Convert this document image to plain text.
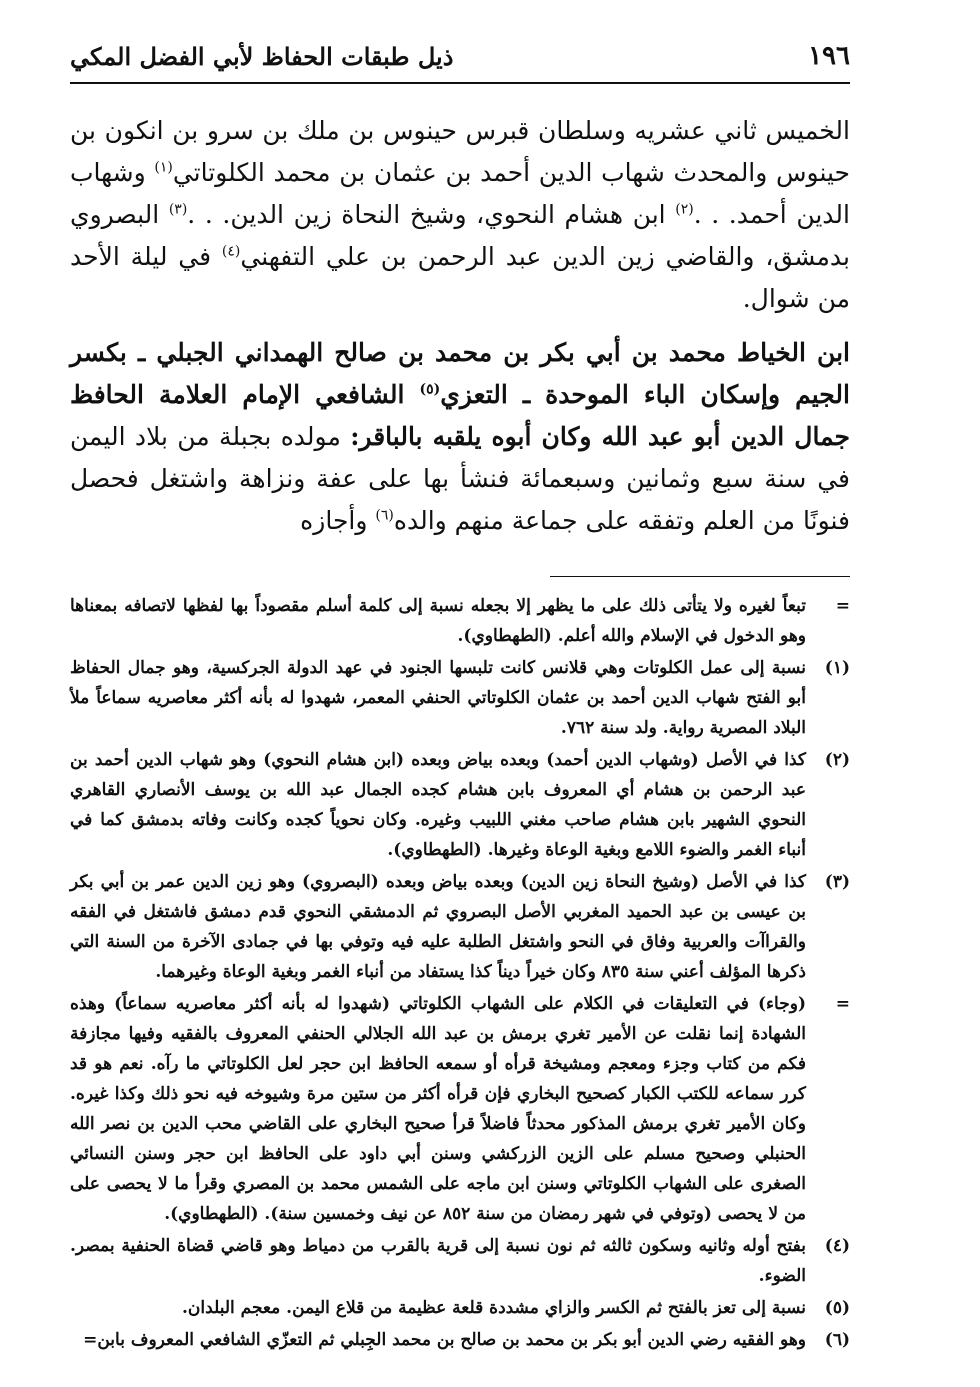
١٩٦
ذيل طبقات الحفاظ لأبي الفضل المكي

الخميس ثاني عشريه وسلطان قبرس حينوس بن ملك بن سرو بن انكون بن حينوس والمحدث شهاب الدين أحمد بن عثمان بن محمد الكلوتاتي$^{(١)}$ وشهاب الدين أحمد. . .$^{(٢)}$ ابن هشام النحوي، وشيخ النحاة زين الدين. . .$^{(٣)}$ البصروي بدمشق، والقاضي زين الدين عبد الرحمن بن علي التفهني$^{(٤)}$ في ليلة الأحد من شوال.

ابن الخياط محمد بن أبي بكر بن محمد بن صالح الهمداني الجبلي ـ بكسر الجيم وإسكان الباء الموحدة ـ التعزي$^{(٥)}$ الشافعي الإمام العلامة الحافظ جمال الدين أبو عبد الله وكان أبوه يلقبه بالباقر: مولده بجبلة من بلاد اليمن في سنة سبع وثمانين وسبعمائة فنشأ بها على عفة ونزاهة واشتغل فحصل فنونًا من العلم وتفقه على جماعة منهم والده$^{(٦)}$ وأجازه

=
تبعاً لغيره ولا يتأتى ذلك على ما يظهر إلا بجعله نسبة إلى كلمة أسلم مقصوداً بها لفظها لاتصافه بمعناها وهو الدخول في الإسلام والله أعلم. (الطهطاوي).
(١)
نسبة إلى عمل الكلوتات وهي قلانس كانت تلبسها الجنود في عهد الدولة الجركسية، وهو جمال الحفاظ أبو الفتح شهاب الدين أحمد بن عثمان الكلوتاتي الحنفي المعمر، شهدوا له بأنه أكثر معاصريه سماعاً ملأ البلاد المصرية رواية. ولد سنة ٧٦٢.
(٢)
كذا في الأصل (وشهاب الدين أحمد) وبعده بياض وبعده (ابن هشام النحوي) وهو شهاب الدين أحمد بن عبد الرحمن بن هشام أي المعروف بابن هشام كجده الجمال عبد الله بن يوسف الأنصاري القاهري النحوي الشهير بابن هشام صاحب مغني اللبيب وغيره. وكان نحوياً كجده وكانت وفاته بدمشق كما في أنباء الغمر والضوء اللامع وبغية الوعاة وغيرها. (الطهطاوي).
(٣)
كذا في الأصل (وشيخ النحاة زين الدين) وبعده بياض وبعده (البصروي) وهو زين الدين عمر بن أبي بكر بن عيسى بن عبد الحميد المغربي الأصل البصروي ثم الدمشقي النحوي قدم دمشق فاشتغل في الفقه والقراآت والعربية وفاق في النحو واشتغل الطلبة عليه فيه وتوفي بها في جمادى الآخرة من السنة التي ذكرها المؤلف أعني سنة ٨٣٥ وكان خيراً ديناً كذا يستفاد من أنباء الغمر وبغية الوعاة وغيرهما.
=
(وجاء) في التعليقات في الكلام على الشهاب الكلوتاتي (شهدوا له بأنه أكثر معاصريه سماعاً) وهذه الشهادة إنما نقلت عن الأمير تغري برمش بن عبد الله الجلالي الحنفي المعروف بالفقيه وفيها مجازفة فكم من كتاب وجزء ومعجم ومشيخة قرأه أو سمعه الحافظ ابن حجر لعل الكلوتاتي ما رآه. نعم هو قد كرر سماعه للكتب الكبار كصحيح البخاري فإن قرأه أكثر من ستين مرة وشيوخه فيه نحو ذلك وكذا غيره. وكان الأمير تغري برمش المذكور محدثاً فاضلاً قرأ صحيح البخاري على القاضي محب الدين بن نصر الله الحنبلي وصحيح مسلم على الزين الزركشي وسنن أبي داود على الحافظ ابن حجر وسنن النسائي الصغرى على الشهاب الكلوتاتي وسنن ابن ماجه على الشمس محمد بن المصري وقرأ ما لا يحصى على من لا يحصى (وتوفي في شهر رمضان من سنة ٨٥٢ عن نيف وخمسين سنة). (الطهطاوي).
(٤)
بفتح أوله وثانيه وسكون ثالثه ثم نون نسبة إلى قرية بالقرب من دمياط وهو قاضي قضاة الحنفية بمصر. الضوء.
(٥)
نسبة إلى تعز بالفتح ثم الكسر والزاي مشددة قلعة عظيمة من قلاع اليمن. معجم البلدان.
(٦)
وهو الفقيه رضي الدين أبو بكر بن محمد بن صالح بن محمد الجِبلي ثم التعزّي الشافعي المعروف بابن=
